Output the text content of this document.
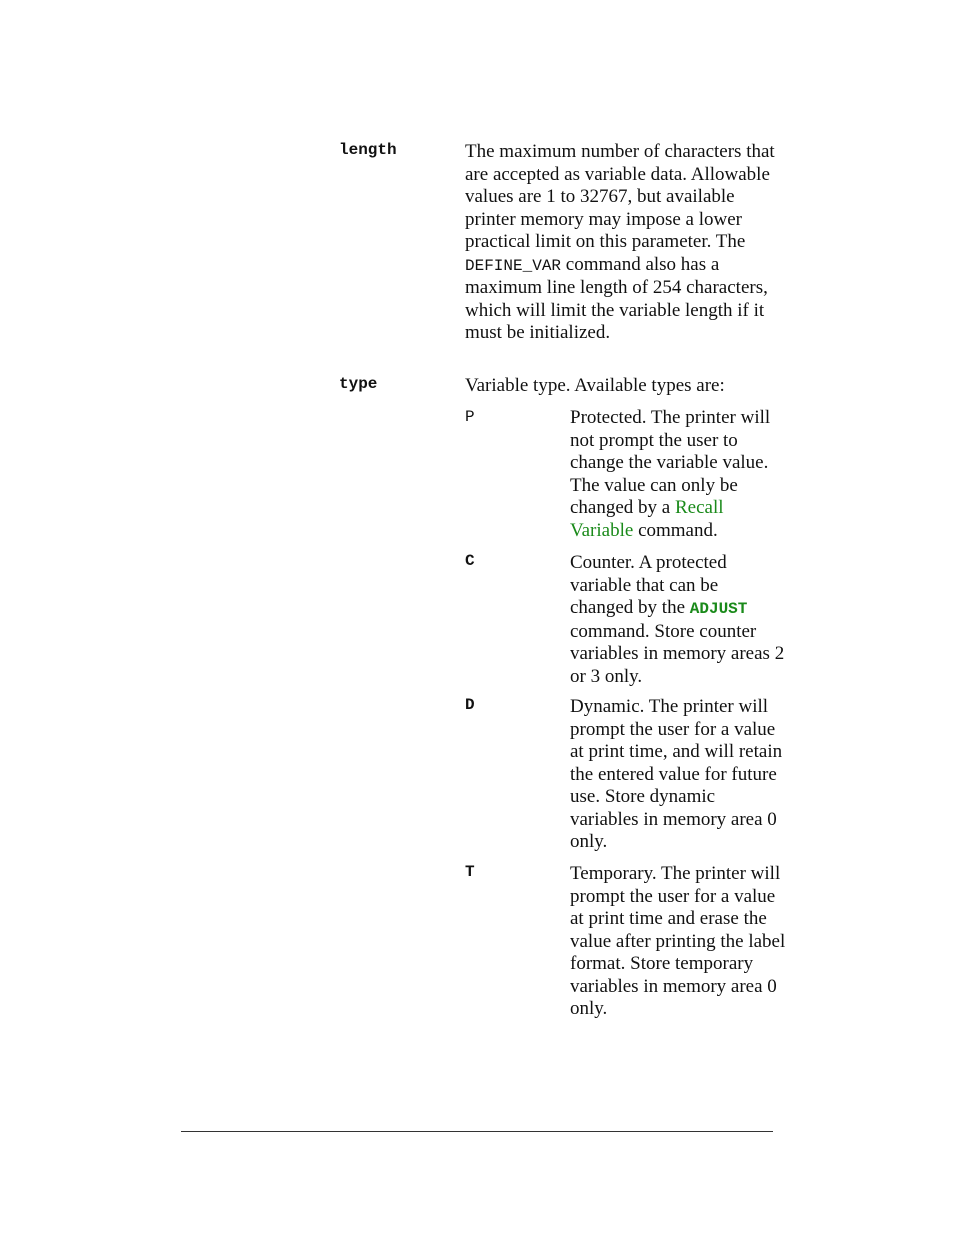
length	The maximum number of characters that are accepted as variable data. Allowable values are 1 to 32767, but available printer memory may impose a lower practical limit on this parameter. The DEFINE_VAR command also has a maximum line length of 254 characters, which will limit the variable length if it must be initialized.
type	Variable type. Available types are:
P	Protected. The printer will not prompt the user to change the variable value. The value can only be changed by a Recall Variable command.
C	Counter. A protected variable that can be changed by the ADJUST command. Store counter variables in memory areas 2 or 3 only.
D	Dynamic. The printer will prompt the user for a value at print time, and will retain the entered value for future use. Store dynamic variables in memory area 0 only.
T	Temporary. The printer will prompt the user for a value at print time and erase the value after printing the label format. Store temporary variables in memory area 0 only.
